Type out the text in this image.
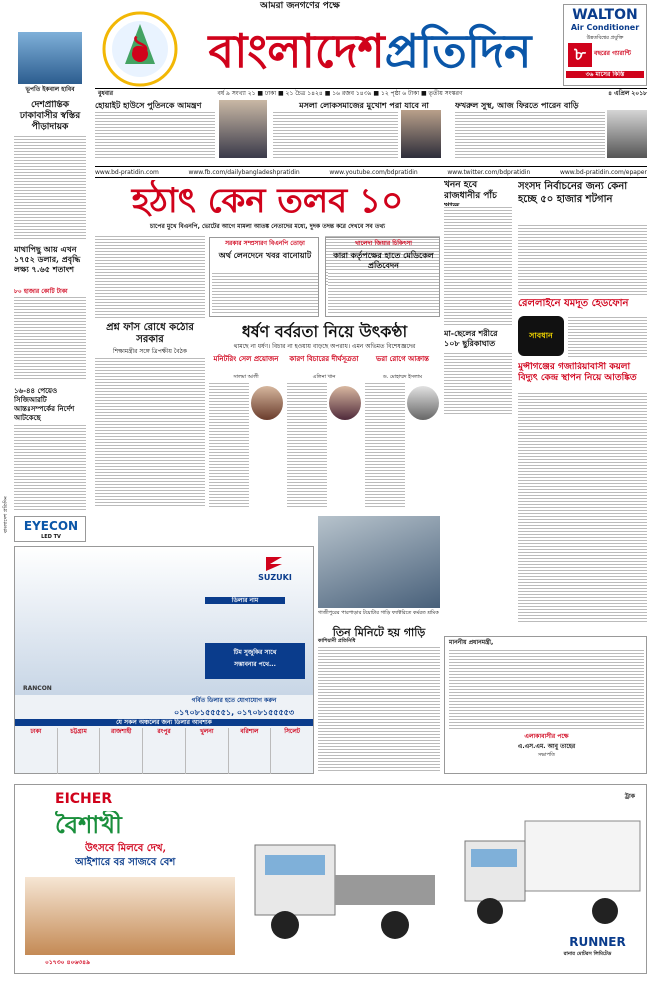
ভূপতি ইকবাল হাবিব
৯
আমরা জনগণের পক্ষে
বাংলাদেশপ্রতিদিন
WALTON
Air Conditioner
উন্নতবিশ্বের প্রযুক্তি
৮	বছরের গ্যারান্টি
৩৬ মাসের কিস্তি
বুধবার	বর্ষ ৯ সংখ্যা ২১ ■ ঢাকা ■ ২১ চৈত্র ১৪২৪ ■ ১৬ রজব ১৪৩৯ ■ ১২ পৃষ্ঠা ৬ টাকা ■ তৃতীয় সংস্করণ	৪ এপ্রিল ২০১৮
দেশপ্রান্তিক ঢাকাবাসীর স্বস্তির পীড়াদায়ক
হোয়াইট হাউসে পুতিনকে আমন্ত্রণ	মসলা লোকসমাজের মুখোশ পরা যাবে না	ফখরুল সুস্থ, আজ ফিরতে পারেন বাড়ি
www.bd-pratidin.com	www.fb.com/dailybangladeshpratidin	www.youtube.com/bdpratidin	www.twitter.com/bdpratidin	www.bd-pratidin.com/epaper
মাথাপিছু আয় এখন ১৭৫২ ডলার, প্রবৃদ্ধি লক্ষ্য ৭.৬৫ শতাংশ
৮০ হাজার কোটি টাকা
১৬-৪৪ পেয়েও সিজিআরটি আন্তঃসম্পর্কের নির্দেশ আটকেছে
বাংলাদেশ প্রতিদিন
হঠাৎ কেন তলব ১০
চাপের মুখে বিএনপি, ভোটের আগে মামলা আতঙ্ক নেতাদের মধ্যে, দুদক তদন্ত করে দেখবে সব তথ্য
সরকার সম্প্রসারণ বিএনপি তোড়া
অর্থ লেনদেনে খবর বানোয়াট
খালেদা জিয়ার চিকিৎসা
কারা কর্তৃপক্ষের হাতে মেডিকেল প্রতিবেদন
খনন হবে রাজধানীর পাঁচ
সংসদ নির্বাচনের জন্য কেনা হচ্ছে ৫০ হাজার শটগান
রেললাইনে যমদূত হেডফোন
সাবধান
মা-ছেলের শরীরে ১০৮ ছুরিকাঘাত
মুন্সীগঞ্জের গজারিয়াবাসী কয়লা বিদ্যুৎ কেন্দ্র স্থাপন নিয়ে আতঙ্কিত
প্রশ্ন ফাঁস রোধে কঠোর সরকার
শিক্ষামন্ত্রীর সঙ্গে ত্রিপক্ষীয় বৈঠক
ধর্ষণ বর্বরতা নিয়ে উৎকণ্ঠা
থামছে না ধর্ষণ। বিচার না হওয়ায় বাড়ছে অপরাধ। এমন অভিমত বিশেষজ্ঞদের
মনিটরিং সেল প্রয়োজন
সালমা আলী
কারণ বিচারের দীর্ঘসূত্রতা
এলিনা খান
ভরা রোগে আক্রান্ত
ড. মোহাম্মদ ইসলাম
EYECON
LED TV
SUZUKI
ডিলার নাম
টিম সুজুকির সাথে
সম্ভাবনার পথে...
RANCON
গর্বিত ডিলার হতে যোগাযোগ করুন
০১৭০৮১৫৫৫৫১, ০১৭০৮১৫৫৫৫৩
যে সকল অঞ্চলের জন্য ডিলার আবশ্যক
ঢাকা	চট্টগ্রাম	রাজশাহী	রংপুর	খুলনা	বরিশাল	সিলেট
গাজীপুরের পারপাড়ার টয়োটার গাড়ি ফ্যাক্টরিতে কর্মরত শ্রমিক
তিন মিনিটে হয় গাড়ি
কাশিয়ানী প্রতিনিধি	মাননীয় প্রধানমন্ত্রী,
এলাকাবাসীর পক্ষে
এ.এস.এম. আবু তাহের
সভাপতি
EICHER
বৈশাখী
উৎসবে মিলবে দেখ,
আইশারে বর সাজবে বেশ
০১৭৩০ ৪০৬৩৪৯
ট্রাক
RUNNER
রানার মোটরস লিমিটেড
